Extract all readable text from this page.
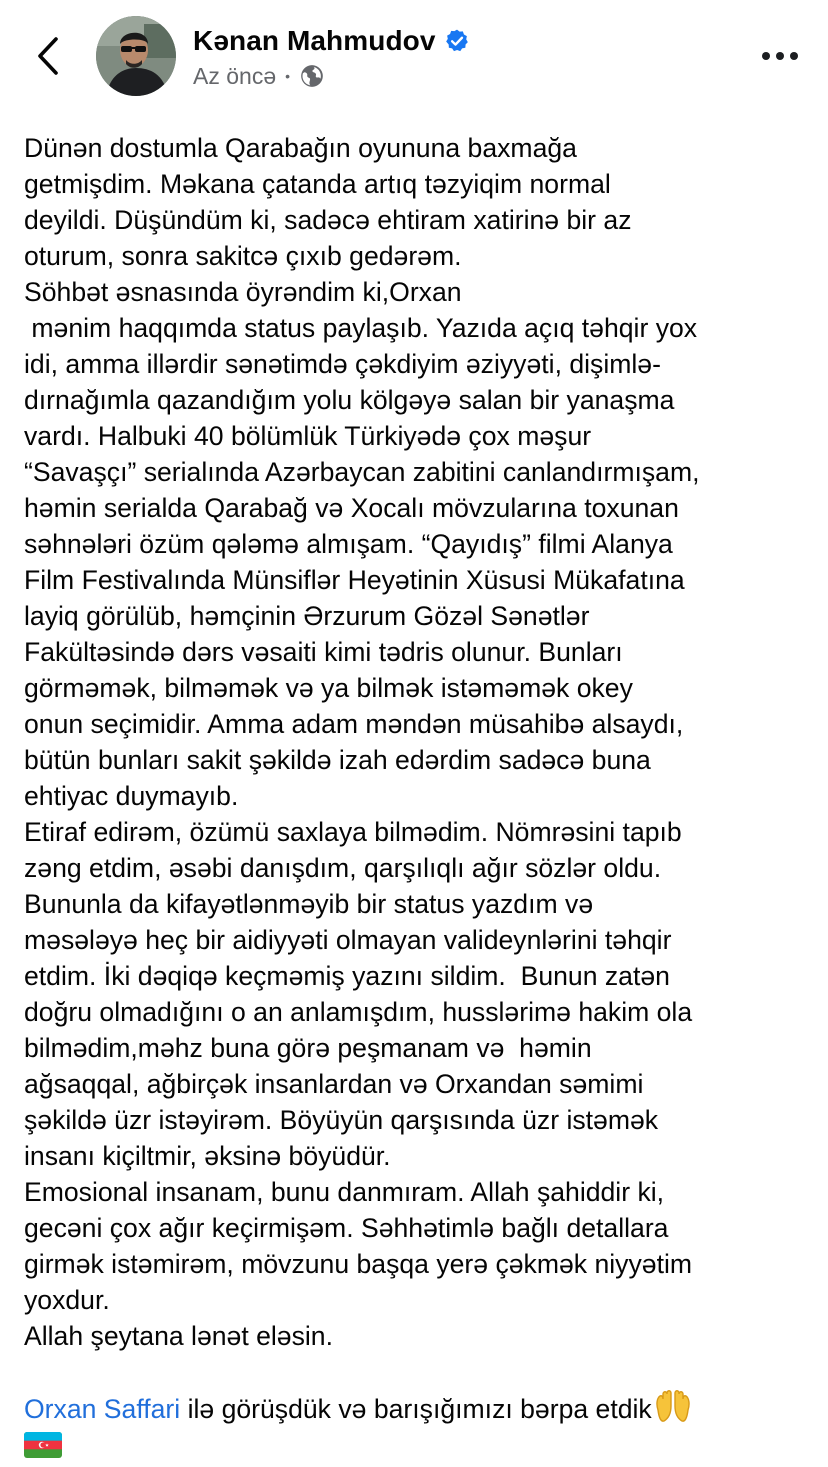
Kənan Mahmudov
Az öncə •

Dünən dostumla Qarabağın oyununa baxmağa
getmişdim. Məkana çatanda artıq təzyiqim normal
deyildi. Düşündüm ki, sadəcə ehtiram xatirinə bir az
oturum, sonra sakitcə çıxıb gedərəm.

Söhbət əsnasında öyrəndim ki,Orxan
mənim haqqımda status paylaşıb. Yazıda açıq təhqir yox
idi, amma illərdir sənətimdə çəkdiyim əziyyəti, dişimlə-
dırnağımla qazandığım yolu kölgəyə salan bir yanaşma
vardı. Halbuki 40 bölümlük Türkiyədə çox məşur
“Savaşçı” serialında Azərbaycan zabitini canlandırmışam,
həmin serialda Qarabağ və Xocalı mövzularına toxunan
səhnələri özüm qələmə almışam. “Qayıdış” filmi Alanya
Film Festivalında Münsiflər Heyətinin Xüsusi Mükafatına
layiq görülüb, həmçinin Ərzurum Gözəl Sənətlər
Fakültəsində dərs vəsaiti kimi tədris olunur. Bunları
görməmək, bilməmək və ya bilmək istəməmək okey
onun seçimidir. Amma adam məndən müsahibə alsaydı,
bütün bunları sakit şəkildə izah edərdim sadəcə buna
ehtiyac duymayıb.

Etiraf edirəm, özümü saxlaya bilmədim. Nömrəsini tapıb
zəng etdim, əsəbi danışdım, qarşılıqlı ağır sözlər oldu.
Bununla da kifayətlənməyib bir status yazdım və
məsələyə heç bir aidiyyəti olmayan valideynlərini təhqir
etdim. İki dəqiqə keçməmiş yazını sildim.  Bunun zatən
doğru olmadığını o an anlamışdım, husslərimə hakim ola
bilmədim,məhz buna görə peşmanam və  həmin
ağsaqqal, ağbirçək insanlardan və Orxandan səmimi
şəkildə üzr istəyirəm. Böyüyün qarşısında üzr istəmək
insanı kiçiltmir, əksinə böyüdür.

Emosional insanam, bunu danmıram. Allah şahiddir ki,
gecəni çox ağır keçirmişəm. Səhhətimlə bağlı detallara
girmək istəmirəm, mövzunu başqa yerə çəkmək niyyətim
yoxdur.

Allah şeytana lənət eləsin.

Orxan Saffari ilə görüşdük və barışığımızı bərpa etdik
